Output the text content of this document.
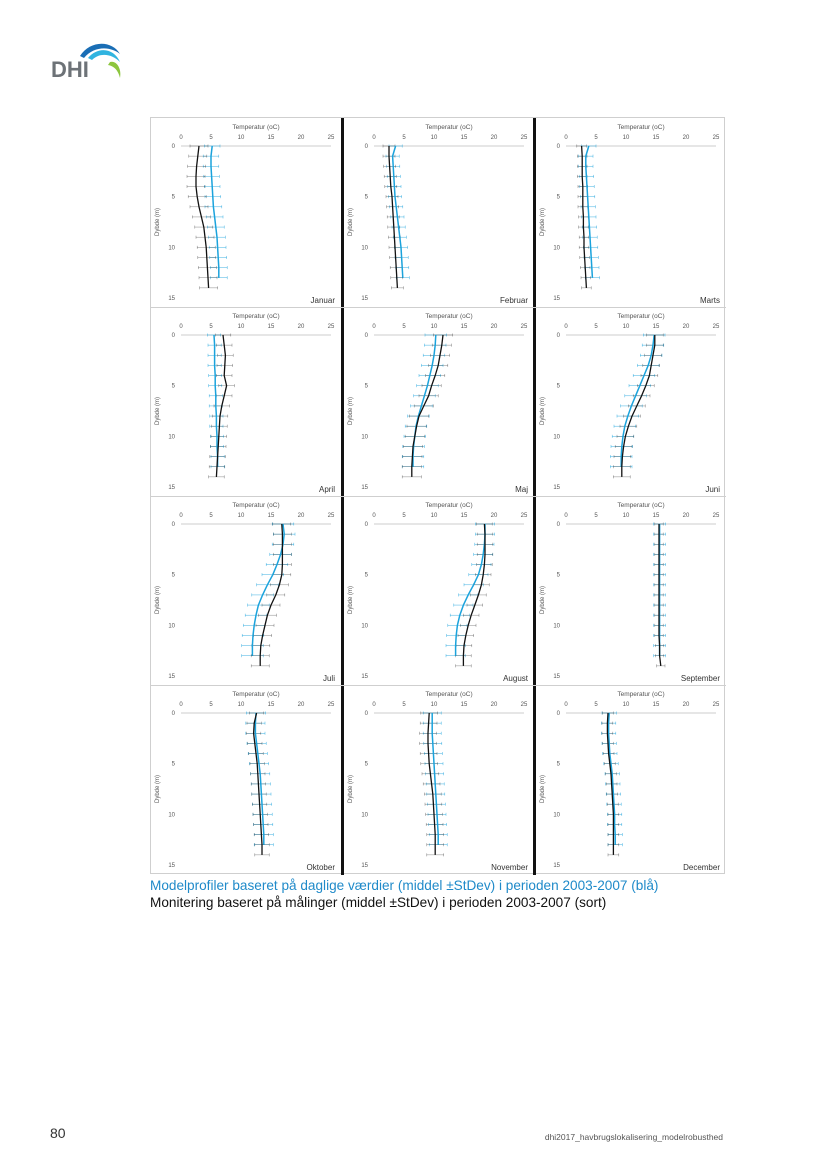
DHI
Temperatur (oC)
0	5	10	15	20	25
0
5
10
15
Dybde (m)
Januar
Temperatur (oC)
0	5	10	15	20	25
0
5
10
15
Dybde (m)
Februar
Temperatur (oC)
0	5	10	15	20	25
0
5
10
15
Dybde (m)
Marts
Temperatur (oC)
0	5	10	15	20	25
0
5
10
15
Dybde (m)
April
Temperatur (oC)
0	5	10	15	20	25
0
5
10
15
Dybde (m)
Maj
Temperatur (oC)
0	5	10	15	20	25
0
5
10
15
Dybde (m)
Juni
Temperatur (oC)
0	5	10	15	20	25
0
5
10
15
Dybde (m)
Juli
Temperatur (oC)
0	5	10	15	20	25
0
5
10
15
Dybde (m)
August
Temperatur (oC)
0	5	10	15	20	25
0
5
10
15
Dybde (m)
September
Temperatur (oC)
0	5	10	15	20	25
0
5
10
15
Dybde (m)
Oktober
Temperatur (oC)
0	5	10	15	20	25
0
5
10
15
Dybde (m)
November
Temperatur (oC)
0	5	10	15	20	25
0
5
10
15
Dybde (m)
December
Modelprofiler baseret på daglige værdier (middel ±StDev) i perioden 2003-2007 (blå)
Monitering baseret på målinger (middel ±StDev) i perioden 2003-2007 (sort)
80	dhi2017_havbrugslokalisering_modelrobusthed
